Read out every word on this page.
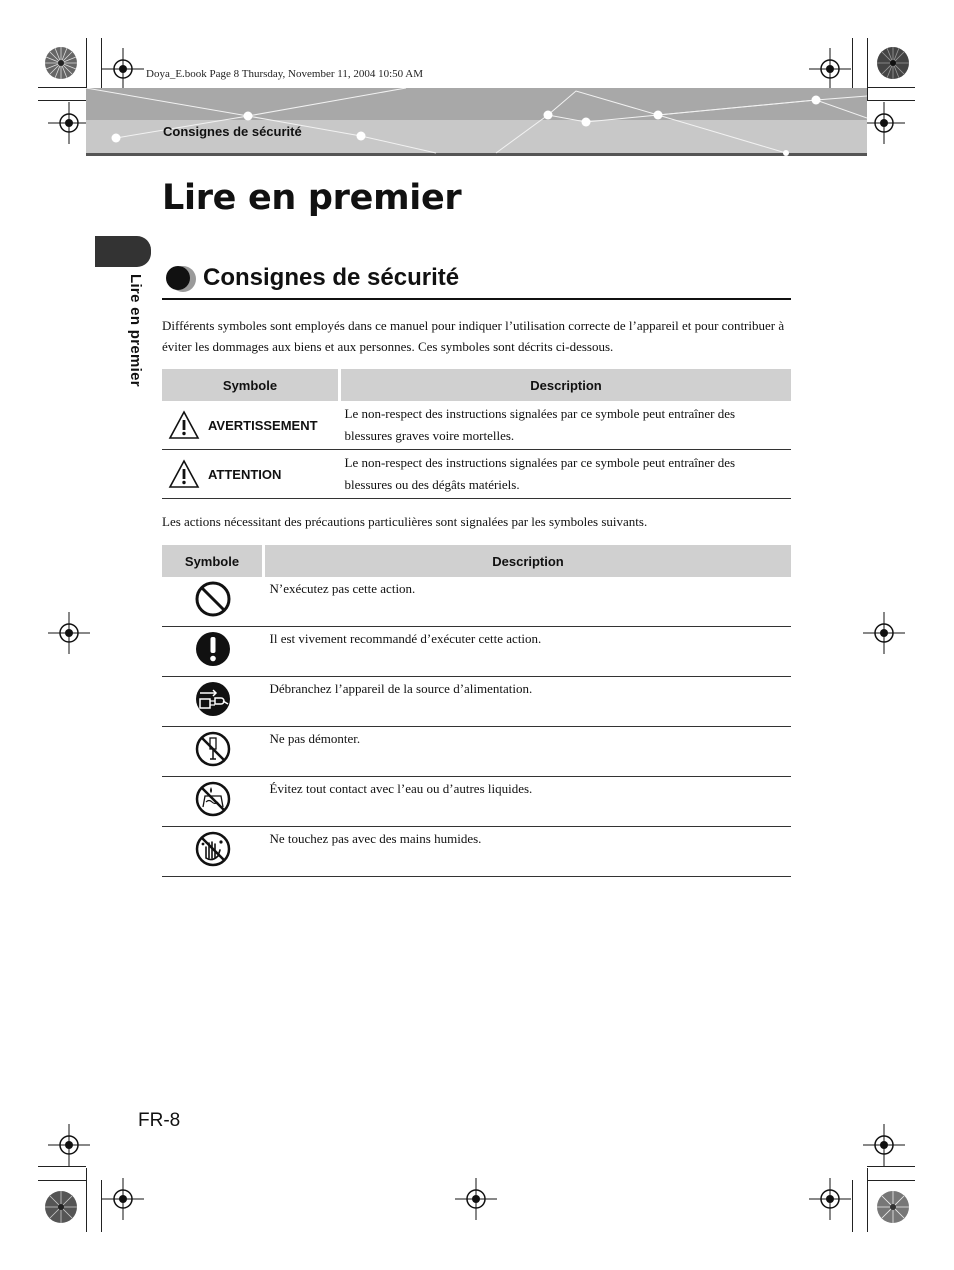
Doya_E.book Page 8 Thursday, November 11, 2004 10:50 AM
Consignes de sécurité
Lire en premier
Lire en premier Consignes de sécurité

Différents symboles sont employés dans ce manuel pour indiquer l’utilisation correcte de l’appareil et pour contribuer à éviter les dommages aux biens et aux personnes. Ces symboles sont décrits ci-dessous.

Symbole	Description

AVERTISSEMENT	Le non-respect des instructions signalées par ce symbole peut entraîner des blessures graves voire mortelles.

ATTENTION	Le non-respect des instructions signalées par ce symbole peut entraîner des blessures ou des dégâts matériels.

Les actions nécessitant des précautions particulières sont signalées par les symboles suivants.

Symbole	Description
	N’exécutez pas cette action.
	Il est vivement recommandé d’exécuter cette action.
	Débranchez l’appareil de la source d’alimentation.
	Ne pas démonter.
	Évitez tout contact avec l’eau ou d’autres liquides.
	Ne touchez pas avec des mains humides.
FR-8
